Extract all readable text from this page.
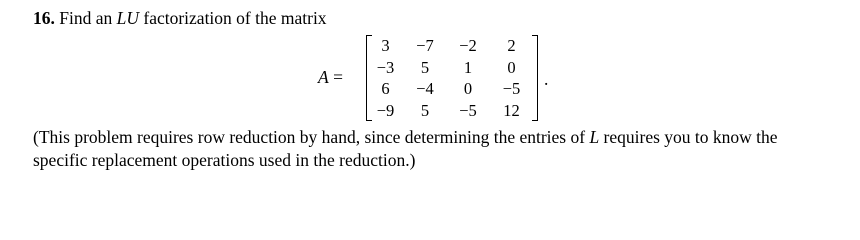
16. Find an LU factorization of the matrix
A =
3	−7	−2	2
−3	5	1	0
6	−4	0	−5
−9	5	−5	12
.
(This problem requires row reduction by hand, since determining the entries of L requires you to know the
specific replacement operations used in the reduction.)
